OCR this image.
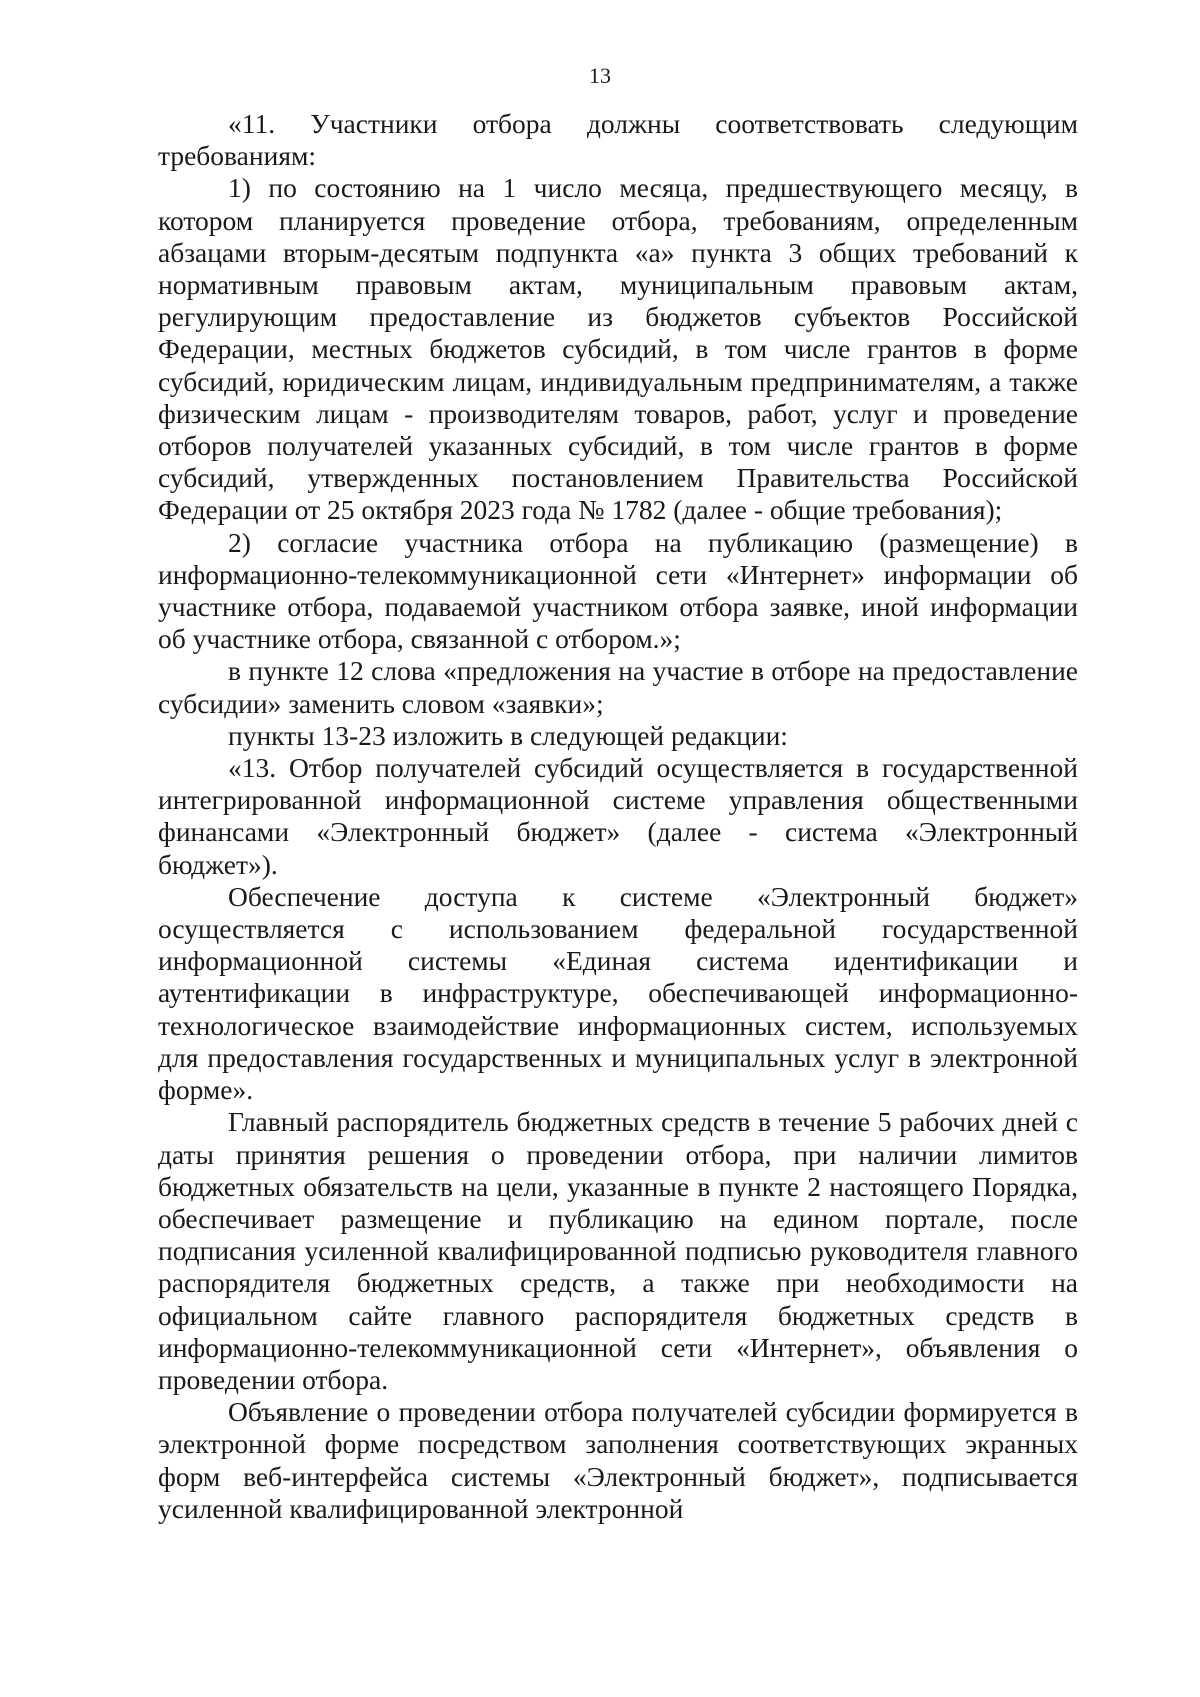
13

«11. Участники отбора должны соответствовать следующим требованиям:

1) по состоянию на 1 число месяца, предшествующего месяцу, в котором планируется проведение отбора, требованиям, определенным абзацами вторым-десятым подпункта «а» пункта 3 общих требований к нормативным правовым актам, муниципальным правовым актам, регулирующим предоставление из бюджетов субъектов Российской Федерации, местных бюджетов субсидий, в том числе грантов в форме субсидий, юридическим лицам, индивидуальным предпринимателям, а также физическим лицам - производителям товаров, работ, услуг и проведение отборов получателей указанных субсидий, в том числе грантов в форме субсидий, утвержденных постановлением Правительства Российской Федерации от 25 октября 2023 года № 1782 (далее - общие требования);

2) согласие участника отбора на публикацию (размещение) в информационно-телекоммуникационной сети «Интернет» информации об участнике отбора, подаваемой участником отбора заявке, иной информации об участнике отбора, связанной с отбором.»;

в пункте 12 слова «предложения на участие в отборе на предоставление субсидии» заменить словом «заявки»;

пункты 13-23 изложить в следующей редакции:

«13. Отбор получателей субсидий осуществляется в государственной интегрированной информационной системе управления общественными финансами «Электронный бюджет» (далее - система «Электронный бюджет»).

Обеспечение доступа к системе «Электронный бюджет» осуществляется с использованием федеральной государственной информационной системы «Единая система идентификации и аутентификации в инфраструктуре, обеспечивающей информационно-технологическое взаимодействие информационных систем, используемых для предоставления государственных и муниципальных услуг в электронной форме».

Главный распорядитель бюджетных средств в течение 5 рабочих дней с даты принятия решения о проведении отбора, при наличии лимитов бюджетных обязательств на цели, указанные в пункте 2 настоящего Порядка, обеспечивает размещение и публикацию на едином портале, после подписания усиленной квалифицированной подписью руководителя главного распорядителя бюджетных средств, а также при необходимости на официальном сайте главного распорядителя бюджетных средств в информационно-телекоммуникационной сети «Интернет», объявления о проведении отбора.

Объявление о проведении отбора получателей субсидии формируется в электронной форме посредством заполнения соответствующих экранных форм веб-интерфейса системы «Электронный бюджет», подписывается усиленной квалифицированной электронной
